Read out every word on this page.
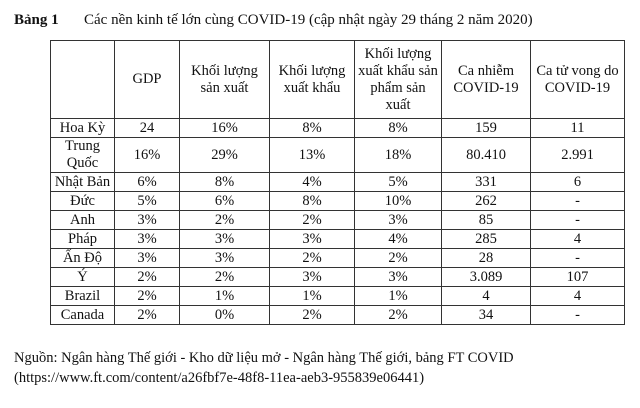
Bảng 1 Các nền kinh tế lớn cùng COVID-19 (cập nhật ngày 29 tháng 2 năm 2020)
	GDP	Khối lượng sản xuất	Khối lượng xuất khẩu	Khối lượng xuất khẩu sản phẩm sản xuất	Ca nhiễm COVID-19	Ca tử vong do COVID-19
Hoa Kỳ	24	16%	8%	8%	159	11
Trung Quốc	16%	29%	13%	18%	80.410	2.991
Nhật Bản	6%	8%	4%	5%	331	6
Đức	5%	6%	8%	10%	262	-
Anh	3%	2%	2%	3%	85	-
Pháp	3%	3%	3%	4%	285	4
Ấn Độ	3%	3%	2%	2%	28	-
Ý	2%	2%	3%	3%	3.089	107
Brazil	2%	1%	1%	1%	4	4
Canada	2%	0%	2%	2%	34	-
Nguồn: Ngân hàng Thế giới - Kho dữ liệu mở - Ngân hàng Thế giới, bảng FT COVID
(https://www.ft.com/content/a26fbf7e-48f8-11ea-aeb3-955839e06441)
